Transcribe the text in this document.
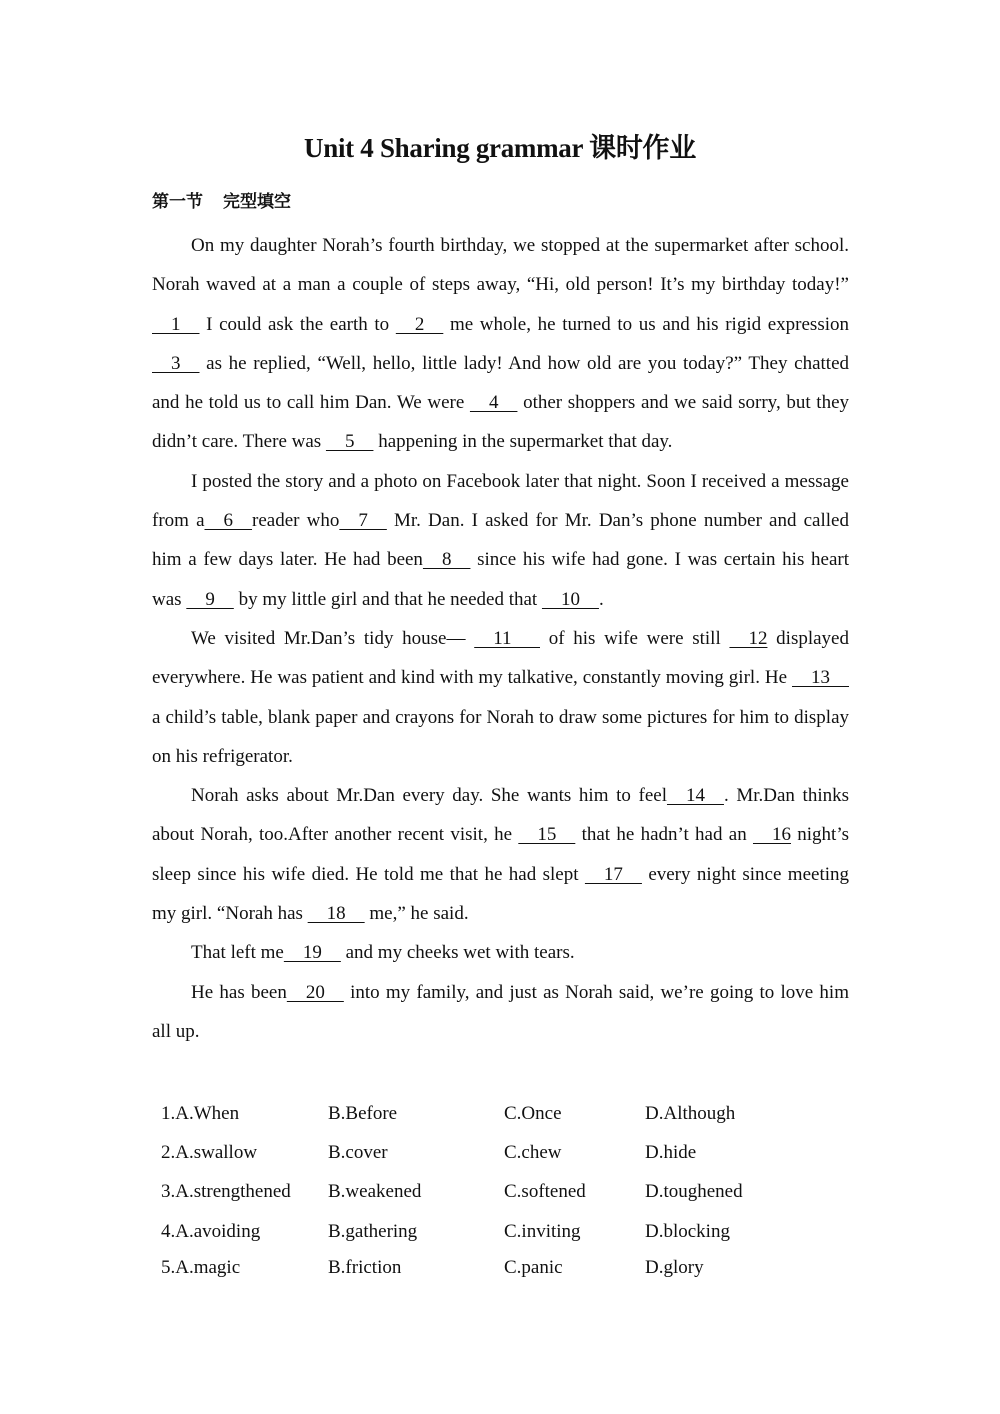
Unit 4 Sharing grammar 课时作业
第一节 完型填空

On my daughter Norah’s fourth birthday, we stopped at the supermarket after school. Norah waved at a man a couple of steps away, “Hi, old person! It’s my birthday today!”    1     I could ask the earth to     2     me whole, he turned to us and his rigid expression     3     as he replied, “Well, hello, little lady! And how old are you today?” They chatted and he told us to call him Dan. We were     4     other shoppers and we said sorry, but they didn’t care. There was     5     happening in the supermarket that day.

I posted the story and a photo on Facebook later that night. Soon I received a message from a    6    reader who    7     Mr. Dan. I asked for Mr. Dan’s phone number and called him a few days later. He had been    8     since his wife had gone. I was certain his heart was     9     by my little girl and that he needed that     10    .

We visited Mr.Dan’s tidy house—     11       of his wife were still     12 displayed everywhere. He was patient and kind with my talkative, constantly moving girl. He     13     a child’s table, blank paper and crayons for Norah to draw some pictures for him to display on his refrigerator.

Norah asks about Mr.Dan every day. She wants him to feel    14    . Mr.Dan thinks about Norah, too.After another recent visit, he     15     that he hadn’t had an     16 night’s sleep since his wife died. He told me that he had slept     17     every night since meeting my girl. “Norah has     18     me,” he said.

That left me    19     and my cheeks wet with tears.

He has been    20     into my family, and just as Norah said, we’re going to love him all up.

1.A.When	B.Before	C.Once	D.Although
2.A.swallow	B.cover	C.chew	D.hide
3.A.strengthened	B.weakened	C.softened	D.toughened
4.A.avoiding	B.gathering	C.inviting	D.blocking
5.A.magic	B.friction	C.panic	D.glory
